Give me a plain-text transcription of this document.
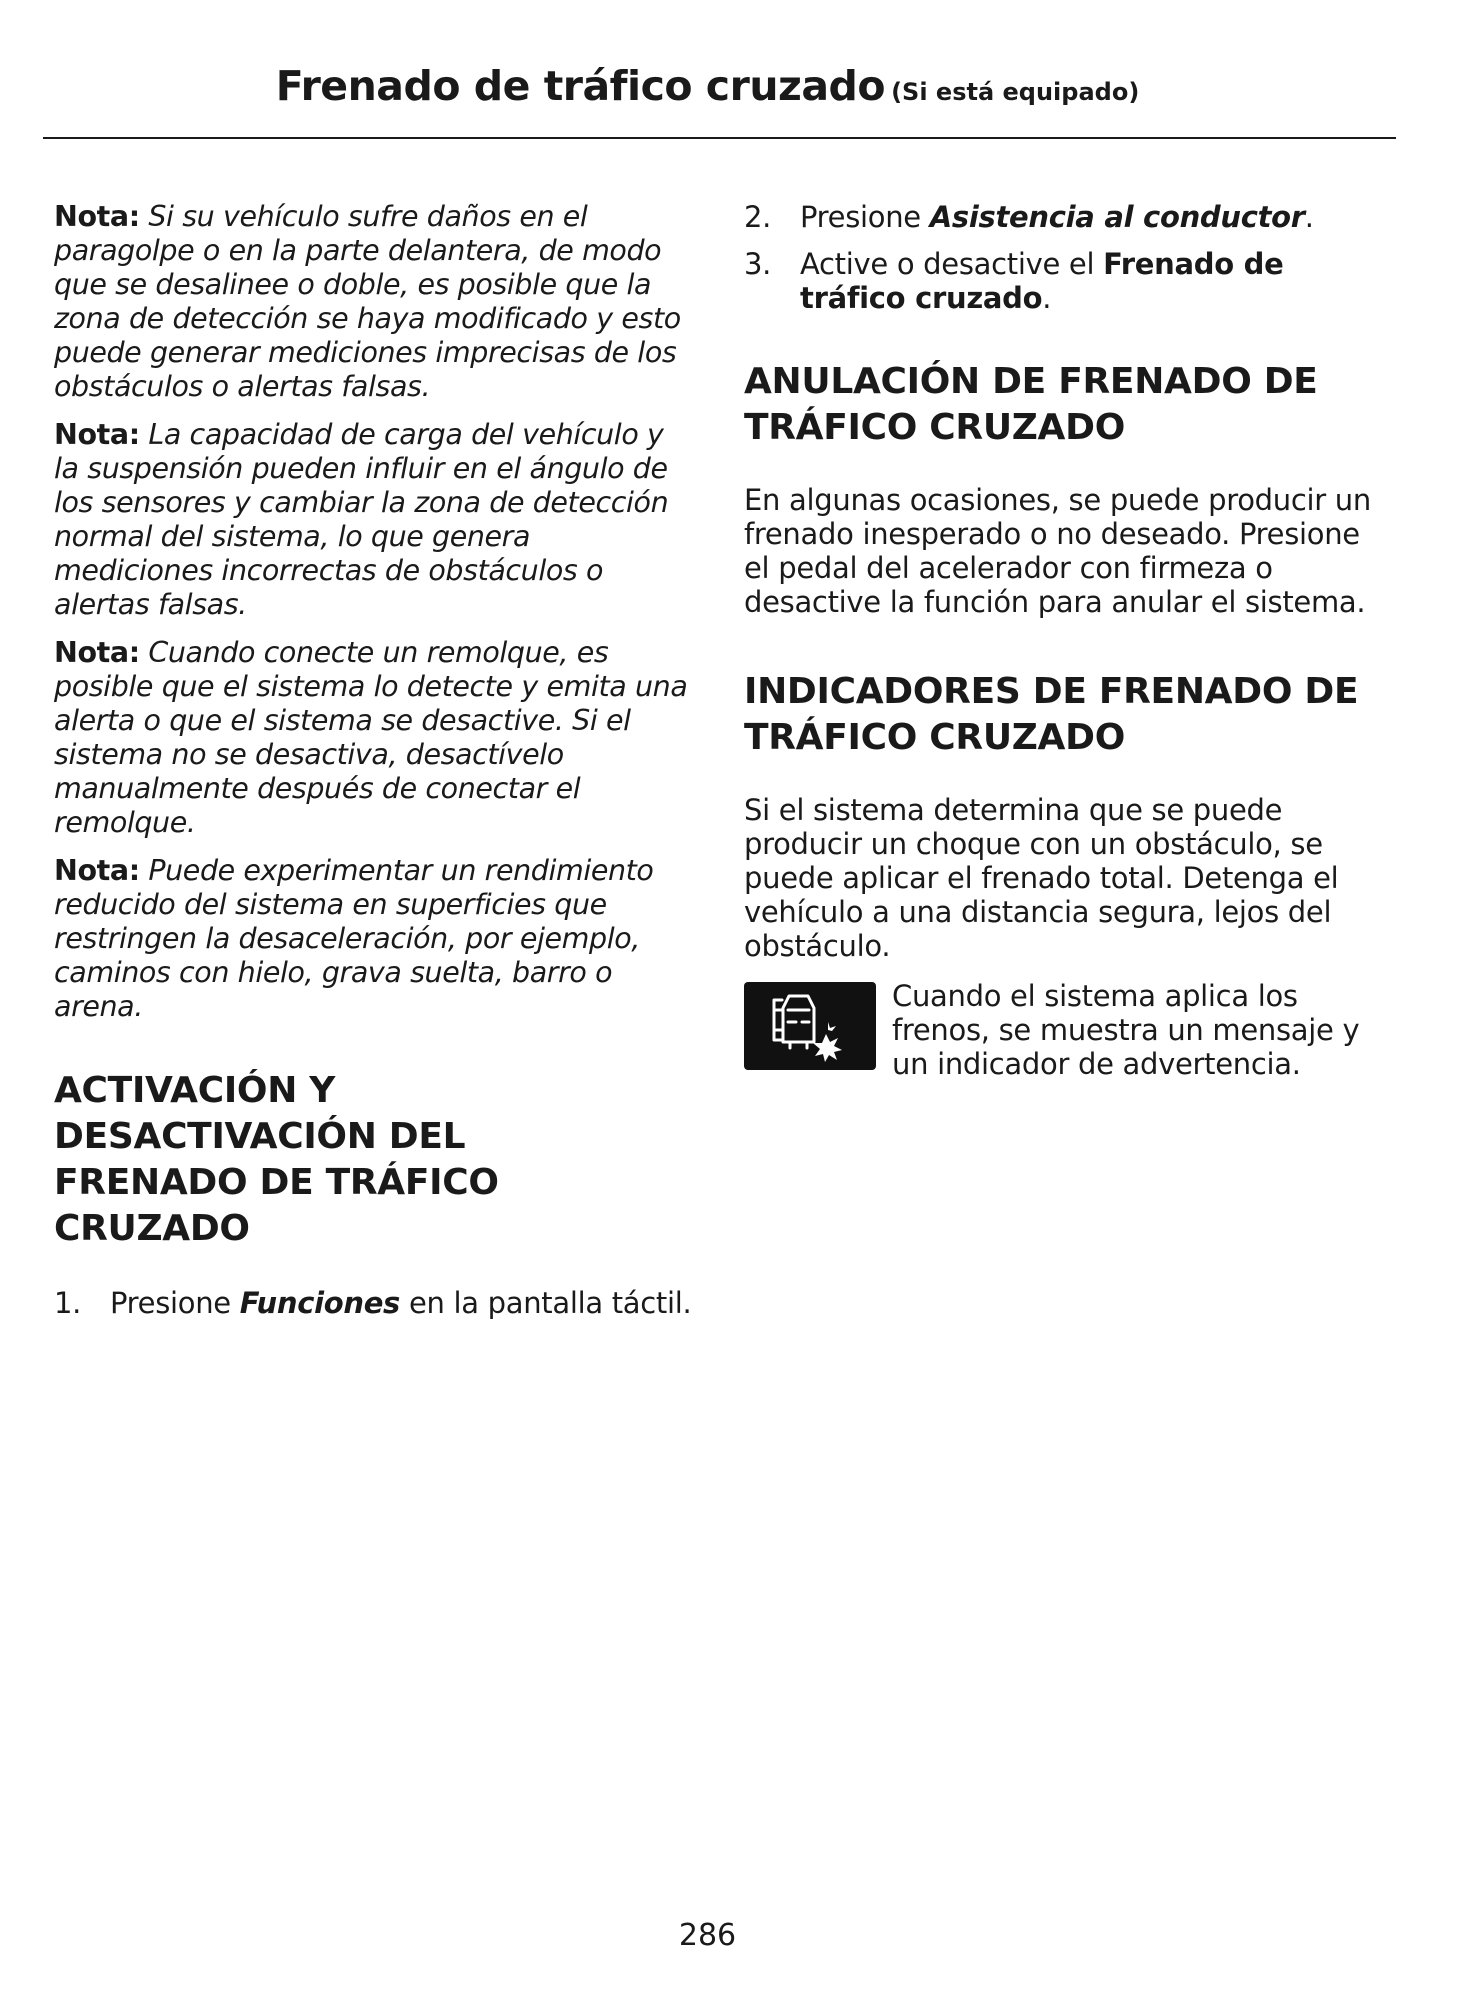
Frenado de tráfico cruzado (Si está equipado)

Nota: Si su vehículo sufre daños en el paragolpe o en la parte delantera, de modo que se desalinee o doble, es posible que la zona de detección se haya modificado y esto puede generar mediciones imprecisas de los obstáculos o alertas falsas.

Nota: La capacidad de carga del vehículo y la suspensión pueden influir en el ángulo de los sensores y cambiar la zona de detección normal del sistema, lo que genera mediciones incorrectas de obstáculos o alertas falsas.

Nota: Cuando conecte un remolque, es posible que el sistema lo detecte y emita una alerta o que el sistema se desactive. Si el sistema no se desactiva, desactívelo manualmente después de conectar el remolque.

Nota: Puede experimentar un rendimiento reducido del sistema en superficies que restringen la desaceleración, por ejemplo, caminos con hielo, grava suelta, barro o arena.

ACTIVACIÓN Y DESACTIVACIÓN DEL FRENADO DE TRÁFICO CRUZADO
1. Presione Funciones en la pantalla táctil.
2. Presione Asistencia al conductor.
3. Active o desactive el Frenado de tráfico cruzado.
ANULACIÓN DE FRENADO DE TRÁFICO CRUZADO

En algunas ocasiones, se puede producir un frenado inesperado o no deseado. Presione el pedal del acelerador con firmeza o desactive la función para anular el sistema.

INDICADORES DE FRENADO DE TRÁFICO CRUZADO

Si el sistema determina que se puede producir un choque con un obstáculo, se puede aplicar el frenado total. Detenga el vehículo a una distancia segura, lejos del obstáculo.

Cuando el sistema aplica los frenos, se muestra un mensaje y un indicador de advertencia.

286
